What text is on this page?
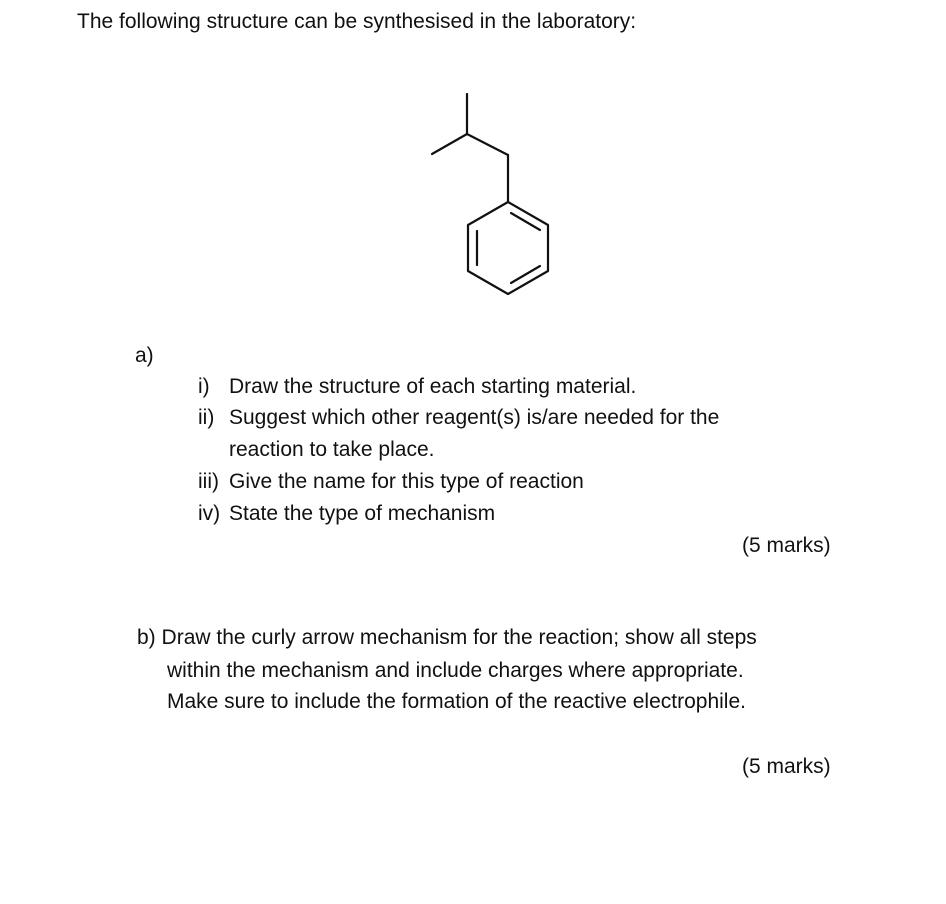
The following structure can be synthesised in the laboratory:
a)
i) Draw the structure of each starting material.
ii) Suggest which other reagent(s) is/are needed for the
reaction to take place.
iii) Give the name for this type of reaction
iv) State the type of mechanism
(5 marks)
b) Draw the curly arrow mechanism for the reaction; show all steps
within the mechanism and include charges where appropriate.
Make sure to include the formation of the reactive electrophile.
(5 marks)
